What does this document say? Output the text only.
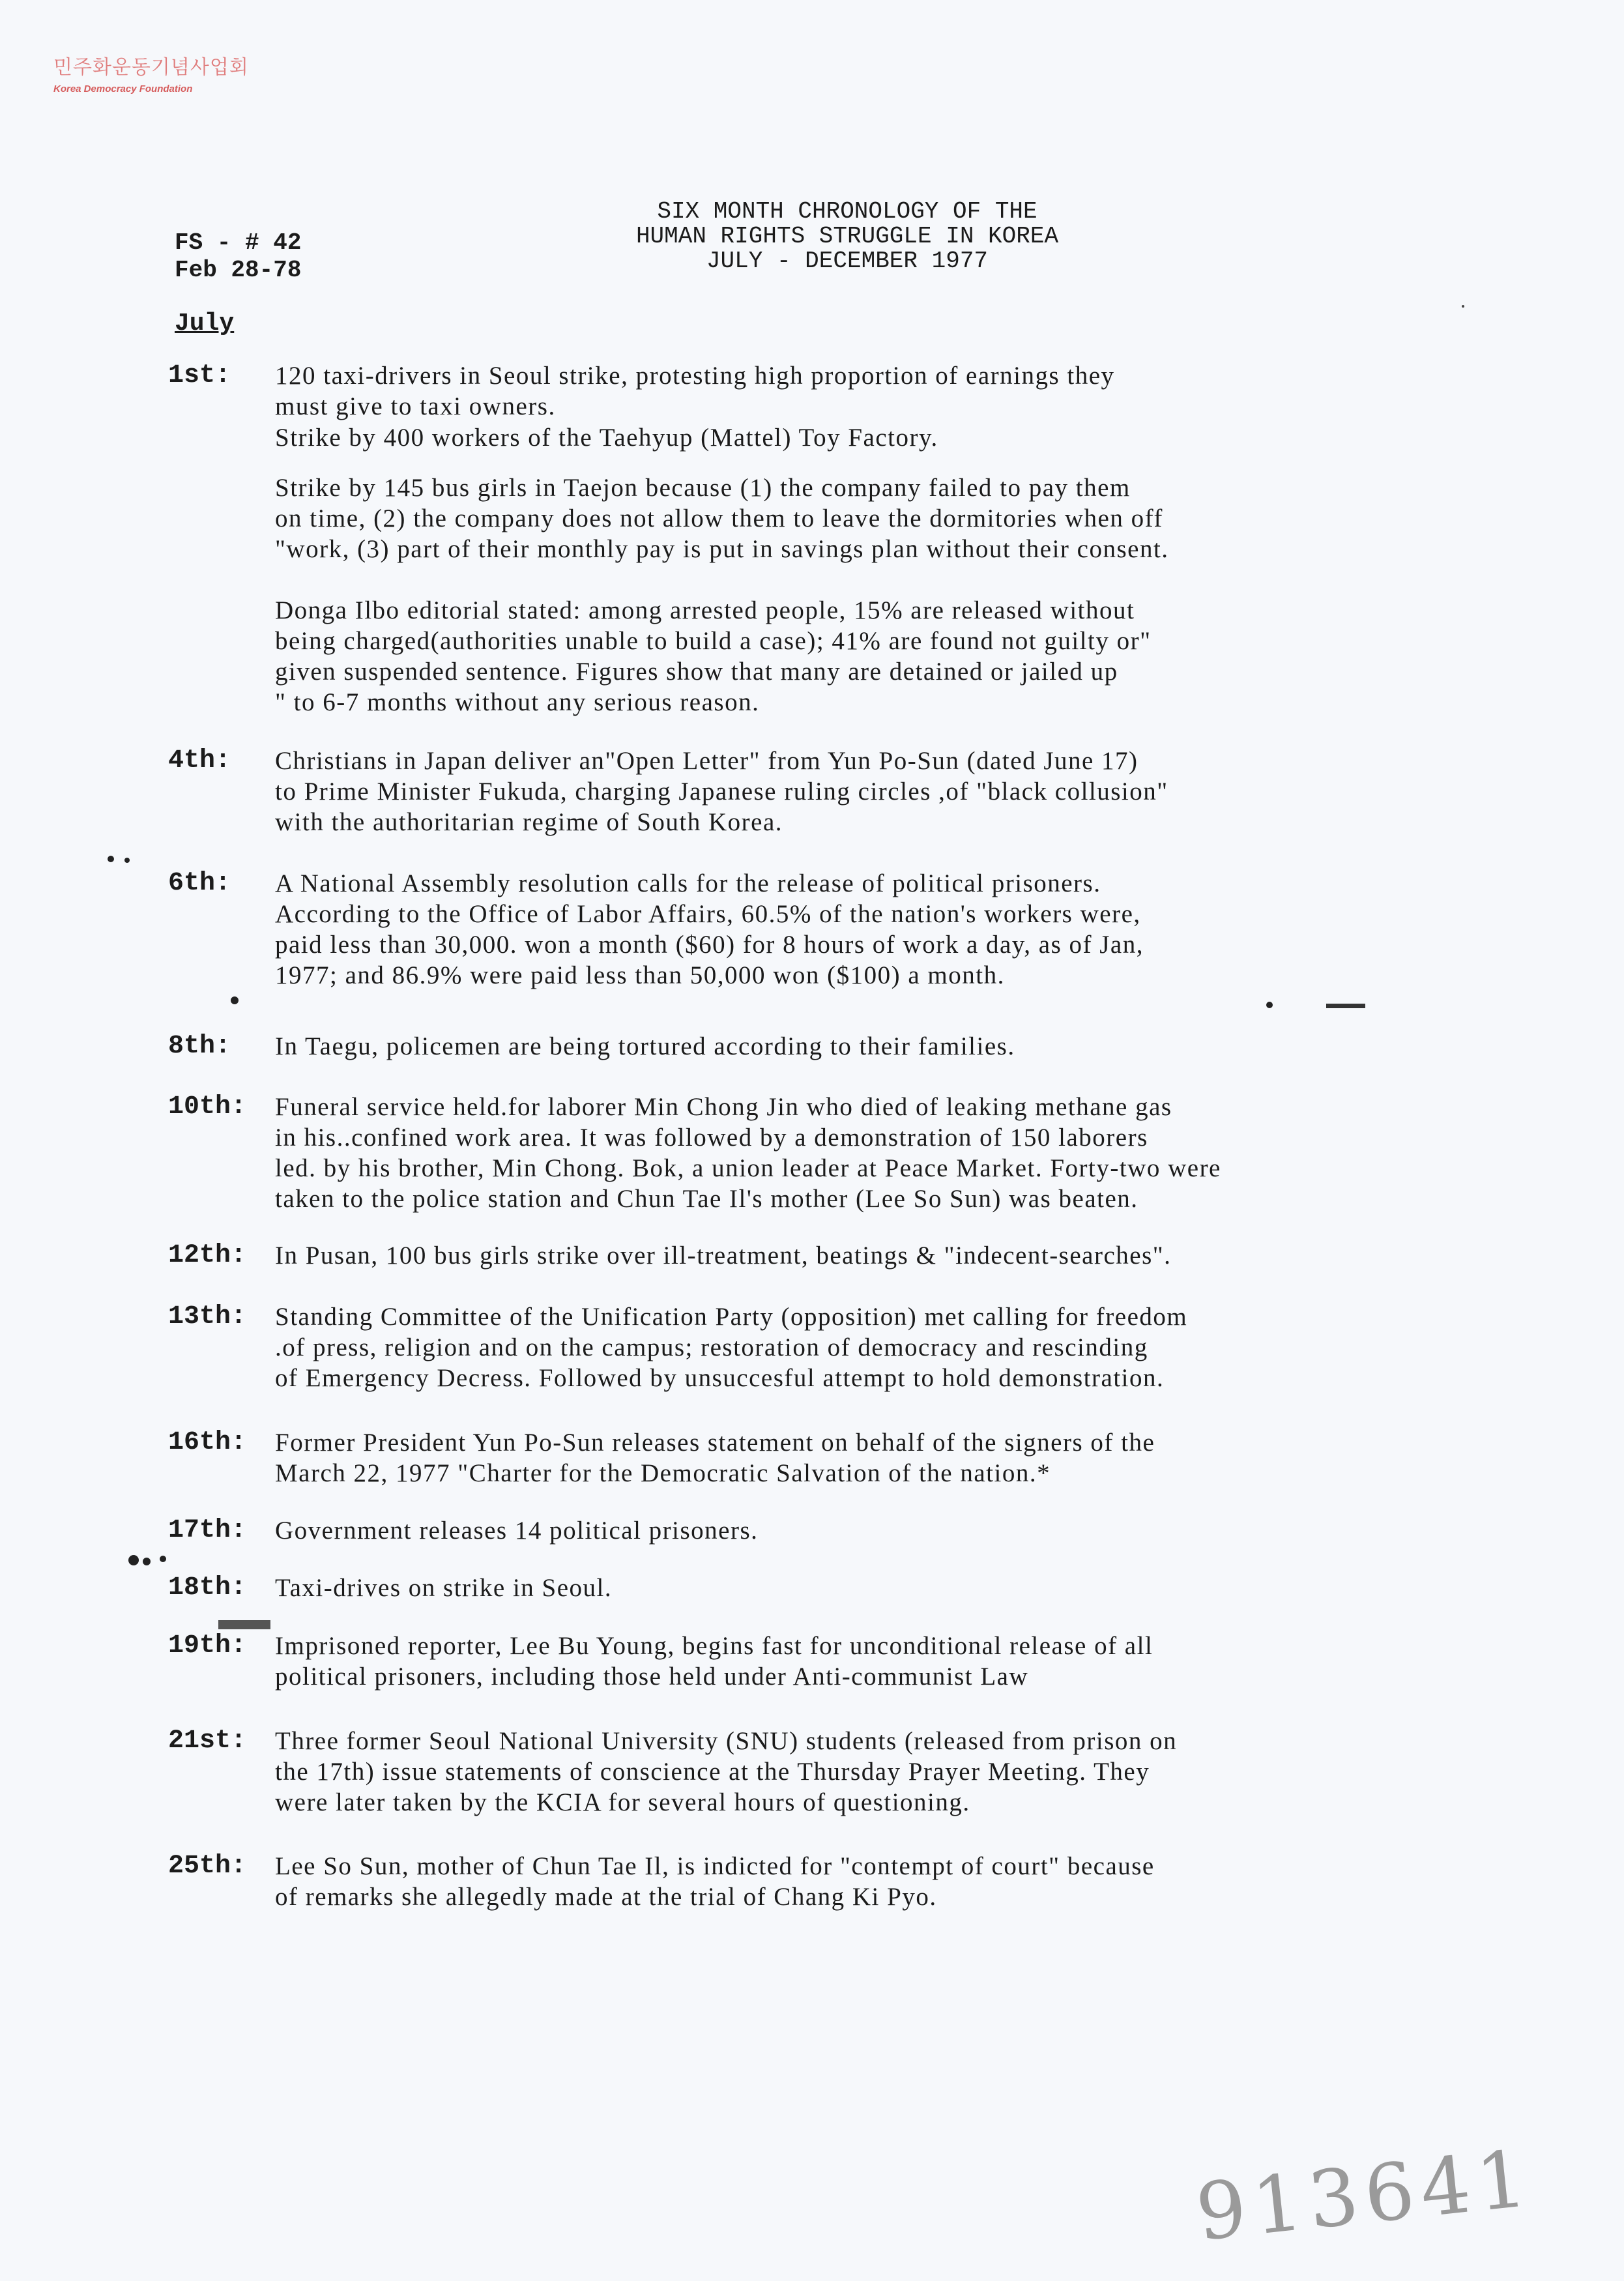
민주화운동기념사업회
Korea Democracy Foundation
SIX MONTH CHRONOLOGY OF THE
HUMAN RIGHTS STRUGGLE IN KOREA
JULY - DECEMBER 1977
FS - # 42
Feb 28-78
July
1st: 120 taxi-drivers in Seoul strike, protesting high proportion of earnings they
must give to taxi owners.
Strike by 400 workers of the Taehyup (Mattel) Toy Factory.
Strike by 145 bus girls in Taejon because (1) the company failed to pay them
on time, (2) the company does not allow them to leave the dormitories when off
"work, (3) part of their monthly pay is put in savings plan without their consent.
Donga Ilbo editorial stated: among arrested people, 15% are released without
being charged(authorities unable to build a case); 41% are found not guilty or"
given suspended sentence. Figures show that many are detained or jailed up
" to 6-7 months without any serious reason.
4th: Christians in Japan deliver an"Open Letter" from Yun Po-Sun (dated June 17)
to Prime Minister Fukuda, charging Japanese ruling circles ,of "black collusion"
with the authoritarian regime of South Korea.
6th: A National Assembly resolution calls for the release of political prisoners.
According to the Office of Labor Affairs, 60.5% of the nation's workers were,
paid less than 30,000. won a month ($60) for 8 hours of work a day, as of Jan,
1977; and 86.9% were paid less than 50,000 won ($100) a month.
8th: In Taegu, policemen are being tortured according to their families.
10th: Funeral service held.for laborer Min Chong Jin who died of leaking methane gas
in his..confined work area. It was followed by a demonstration of 150 laborers
led. by his brother, Min Chong. Bok, a union leader at Peace Market. Forty-two were
taken to the police station and Chun Tae Il's mother (Lee So Sun) was beaten.
12th: In Pusan, 100 bus girls strike over ill-treatment, beatings & "indecent-searches".
13th: Standing Committee of the Unification Party (opposition) met calling for freedom
.of press, religion and on the campus; restoration of democracy and rescinding
of Emergency Decress. Followed by unsuccesful attempt to hold demonstration.
16th: Former President Yun Po-Sun releases statement on behalf of the signers of the
March 22, 1977 "Charter for the Democratic Salvation of the nation.*
17th: Government releases 14 political prisoners.
18th: Taxi-drives on strike in Seoul.
19th: Imprisoned reporter, Lee Bu Young, begins fast for unconditional release of all
political prisoners, including those held under Anti-communist Law
21st: Three former Seoul National University (SNU) students (released from prison on
the 17th) issue statements of conscience at the Thursday Prayer Meeting. They
were later taken by the KCIA for several hours of questioning.
25th: Lee So Sun, mother of Chun Tae Il, is indicted for "contempt of court" because
of remarks she allegedly made at the trial of Chang Ki Pyo.
913641
